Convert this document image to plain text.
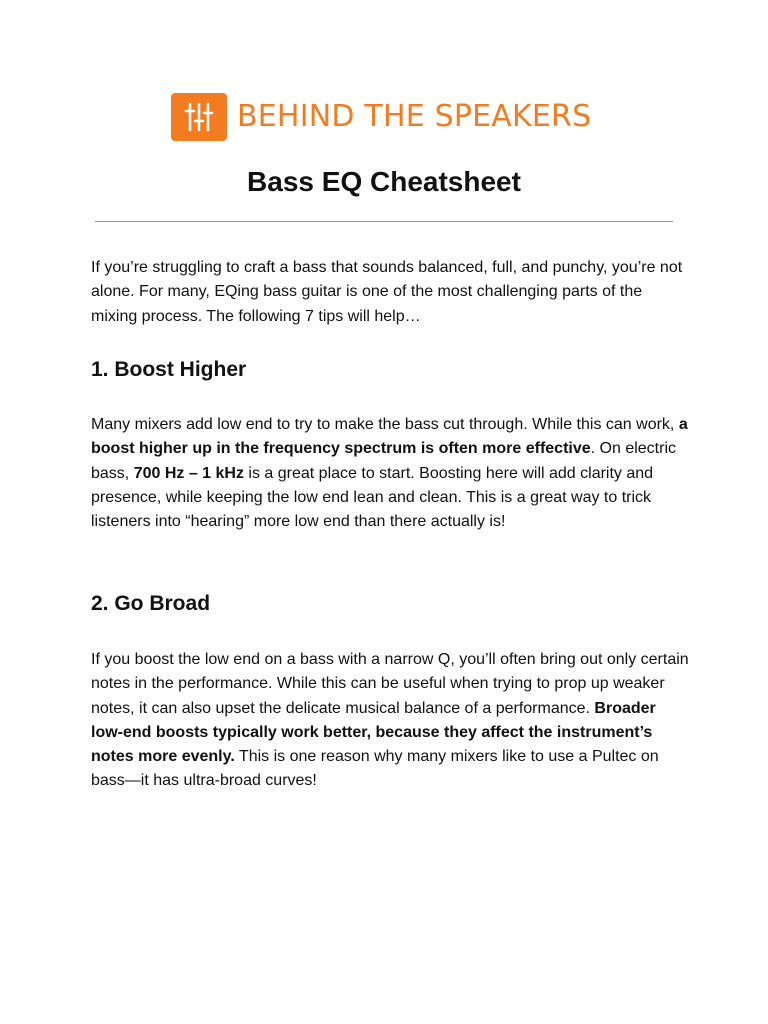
BEHIND THE SPEAKERS
Bass EQ Cheatsheet

If you’re struggling to craft a bass that sounds balanced, full, and punchy, you’re not alone. For many, EQing bass guitar is one of the most challenging parts of the mixing process. The following 7 tips will help…

1. Boost Higher

Many mixers add low end to try to make the bass cut through. While this can work, a boost higher up in the frequency spectrum is often more effective. On electric bass, 700 Hz – 1 kHz is a great place to start. Boosting here will add clarity and presence, while keeping the low end lean and clean. This is a great way to trick listeners into “hearing” more low end than there actually is!

2. Go Broad

If you boost the low end on a bass with a narrow Q, you’ll often bring out only certain notes in the performance. While this can be useful when trying to prop up weaker notes, it can also upset the delicate musical balance of a performance. Broader low-end boosts typically work better, because they affect the instrument’s notes more evenly. This is one reason why many mixers like to use a Pultec on bass—it has ultra-broad curves!
